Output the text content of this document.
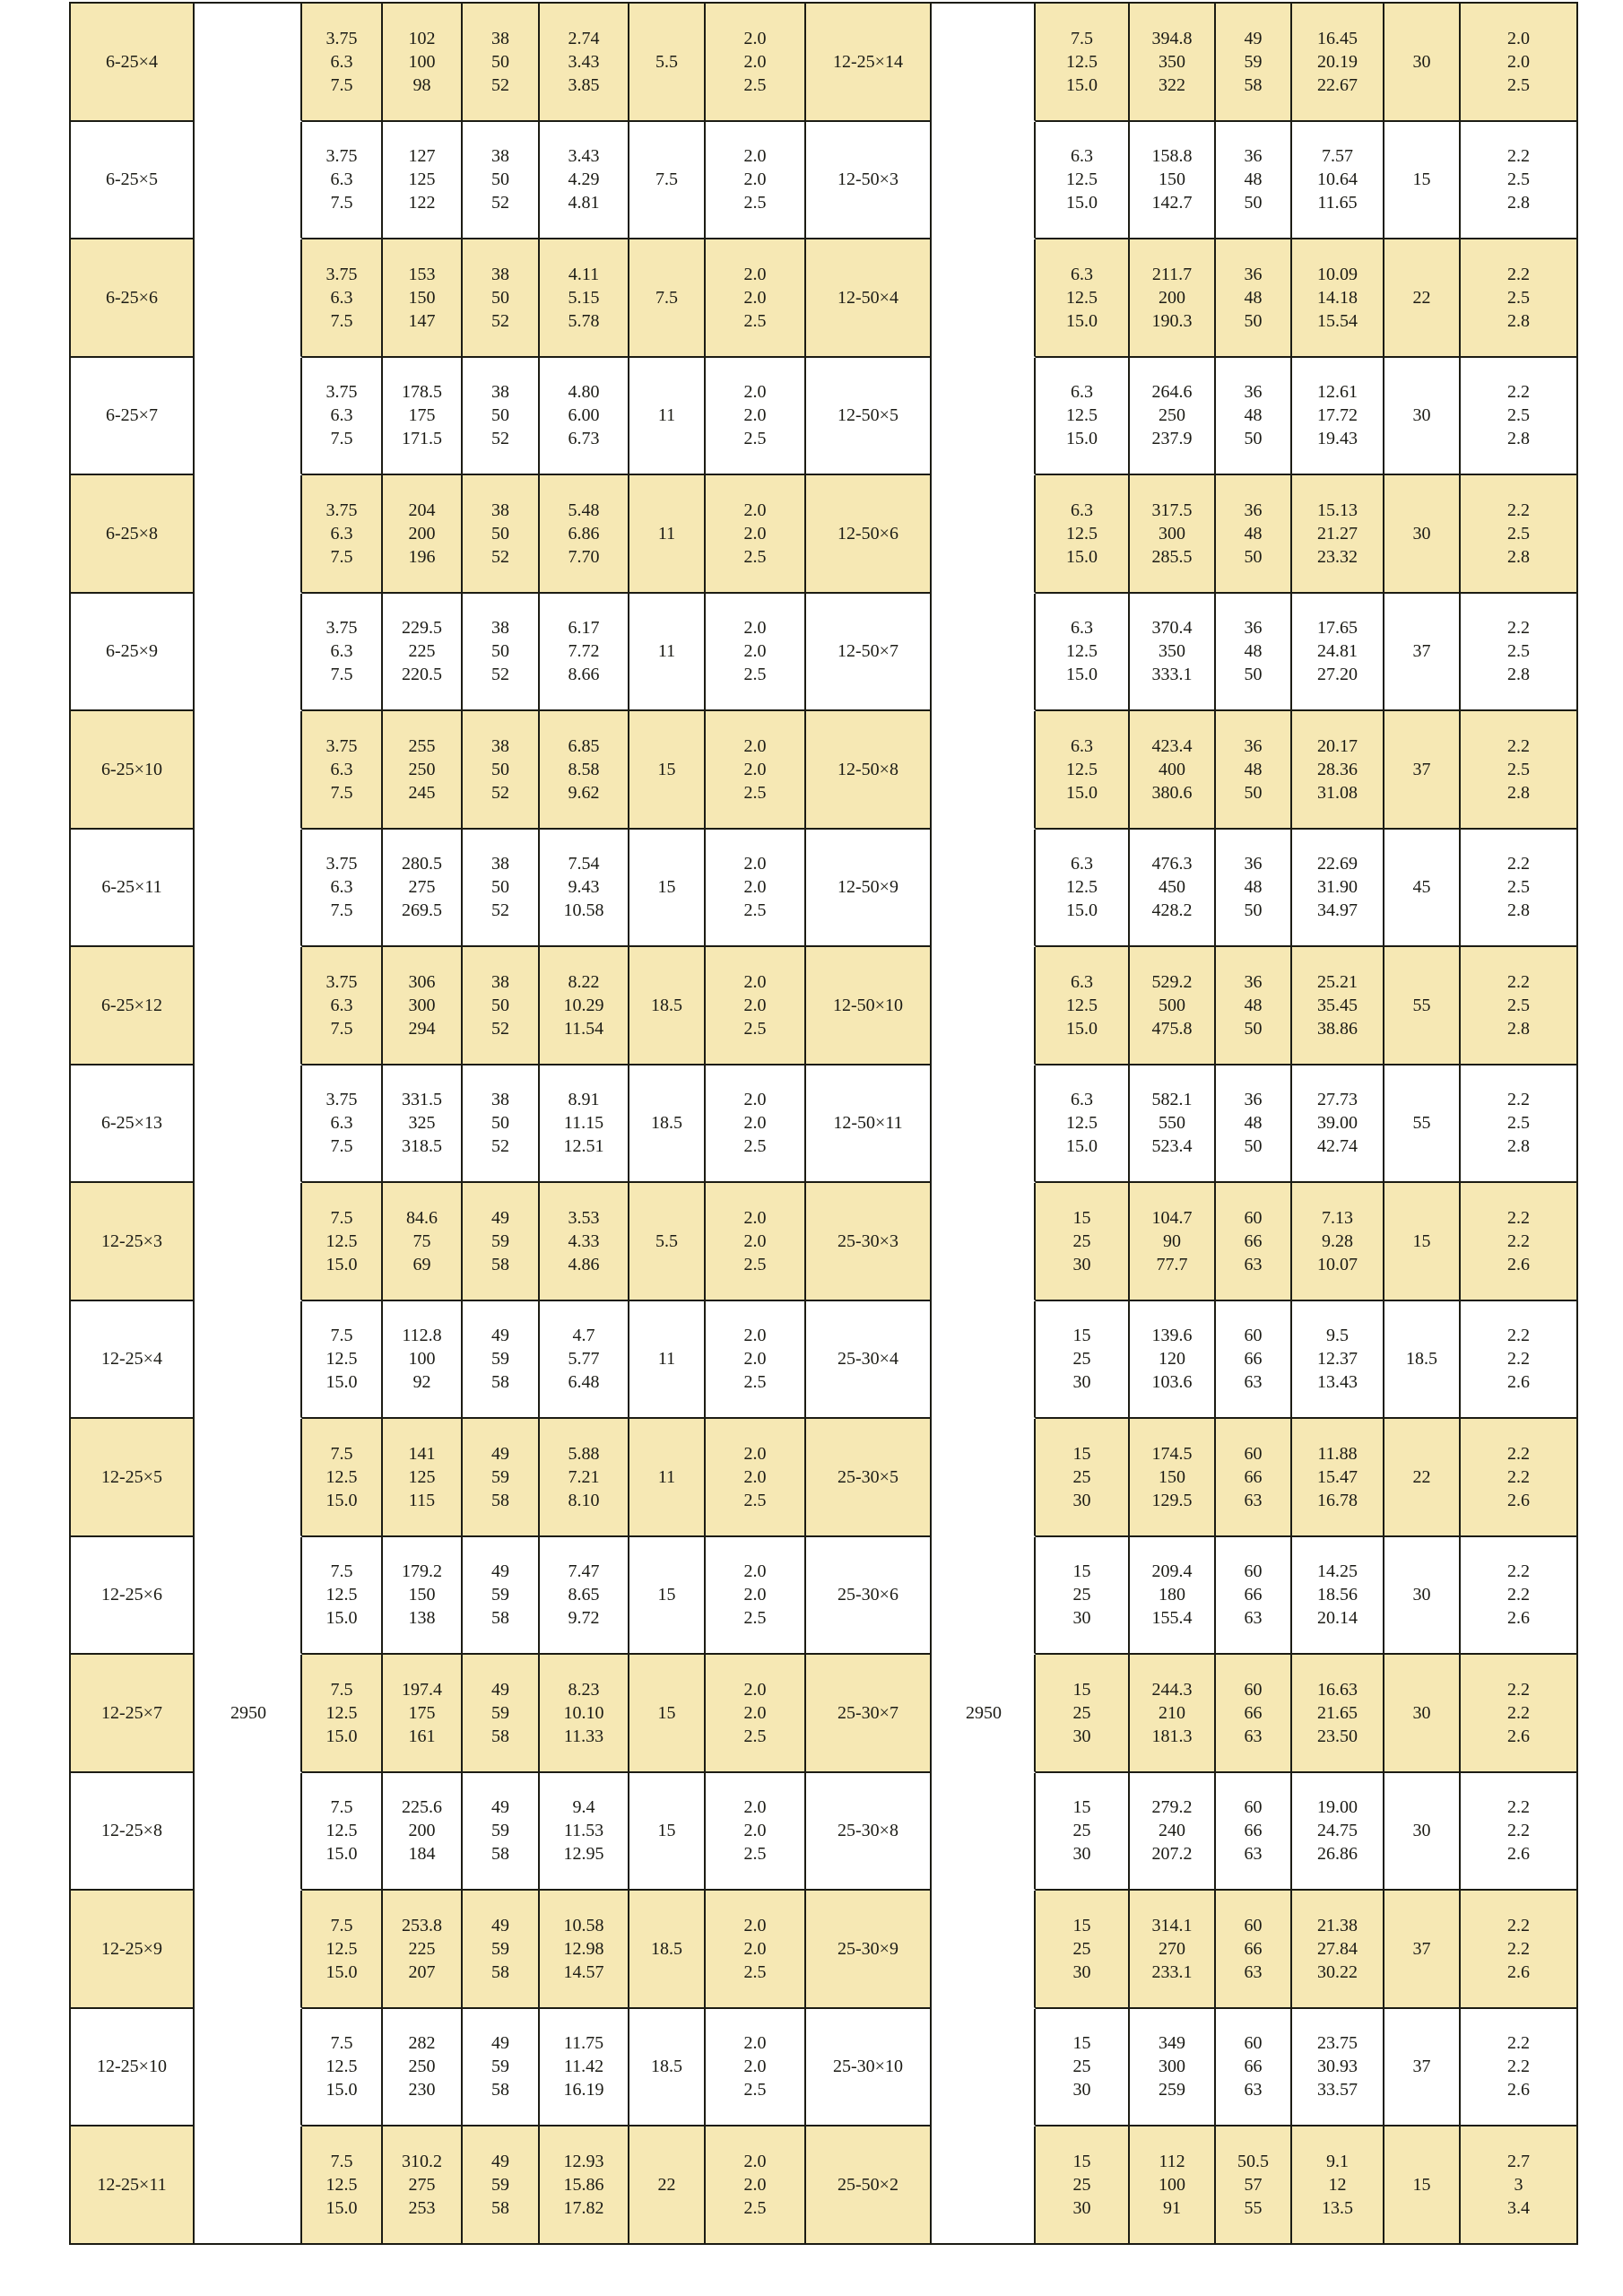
6-25×4
3.75
6.3
7.5
102
100
98
38
50
52
2.74
3.43
3.85
5.5
2.0
2.0
2.5
12-25×14
7.5
12.5
15.0
394.8
350
322
49
59
58
16.45
20.19
22.67
30
2.0
2.0
2.5
6-25×5
3.75
6.3
7.5
127
125
122
38
50
52
3.43
4.29
4.81
7.5
2.0
2.0
2.5
12-50×3
6.3
12.5
15.0
158.8
150
142.7
36
48
50
7.57
10.64
11.65
15
2.2
2.5
2.8
6-25×6
3.75
6.3
7.5
153
150
147
38
50
52
4.11
5.15
5.78
7.5
2.0
2.0
2.5
12-50×4
6.3
12.5
15.0
211.7
200
190.3
36
48
50
10.09
14.18
15.54
22
2.2
2.5
2.8
6-25×7
3.75
6.3
7.5
178.5
175
171.5
38
50
52
4.80
6.00
6.73
11
2.0
2.0
2.5
12-50×5
6.3
12.5
15.0
264.6
250
237.9
36
48
50
12.61
17.72
19.43
30
2.2
2.5
2.8
6-25×8
3.75
6.3
7.5
204
200
196
38
50
52
5.48
6.86
7.70
11
2.0
2.0
2.5
12-50×6
6.3
12.5
15.0
317.5
300
285.5
36
48
50
15.13
21.27
23.32
30
2.2
2.5
2.8
6-25×9
3.75
6.3
7.5
229.5
225
220.5
38
50
52
6.17
7.72
8.66
11
2.0
2.0
2.5
12-50×7
6.3
12.5
15.0
370.4
350
333.1
36
48
50
17.65
24.81
27.20
37
2.2
2.5
2.8
6-25×10
3.75
6.3
7.5
255
250
245
38
50
52
6.85
8.58
9.62
15
2.0
2.0
2.5
12-50×8
6.3
12.5
15.0
423.4
400
380.6
36
48
50
20.17
28.36
31.08
37
2.2
2.5
2.8
6-25×11
3.75
6.3
7.5
280.5
275
269.5
38
50
52
7.54
9.43
10.58
15
2.0
2.0
2.5
12-50×9
6.3
12.5
15.0
476.3
450
428.2
36
48
50
22.69
31.90
34.97
45
2.2
2.5
2.8
6-25×12
3.75
6.3
7.5
306
300
294
38
50
52
8.22
10.29
11.54
18.5
2.0
2.0
2.5
12-50×10
6.3
12.5
15.0
529.2
500
475.8
36
48
50
25.21
35.45
38.86
55
2.2
2.5
2.8
6-25×13
3.75
6.3
7.5
331.5
325
318.5
38
50
52
8.91
11.15
12.51
18.5
2.0
2.0
2.5
12-50×11
6.3
12.5
15.0
582.1
550
523.4
36
48
50
27.73
39.00
42.74
55
2.2
2.5
2.8
12-25×3
7.5
12.5
15.0
84.6
75
69
49
59
58
3.53
4.33
4.86
5.5
2.0
2.0
2.5
25-30×3
15
25
30
104.7
90
77.7
60
66
63
7.13
9.28
10.07
15
2.2
2.2
2.6
12-25×4
7.5
12.5
15.0
112.8
100
92
49
59
58
4.7
5.77
6.48
11
2.0
2.0
2.5
25-30×4
15
25
30
139.6
120
103.6
60
66
63
9.5
12.37
13.43
18.5
2.2
2.2
2.6
12-25×5
7.5
12.5
15.0
141
125
115
49
59
58
5.88
7.21
8.10
11
2.0
2.0
2.5
25-30×5
15
25
30
174.5
150
129.5
60
66
63
11.88
15.47
16.78
22
2.2
2.2
2.6
12-25×6
7.5
12.5
15.0
179.2
150
138
49
59
58
7.47
8.65
9.72
15
2.0
2.0
2.5
25-30×6
15
25
30
209.4
180
155.4
60
66
63
14.25
18.56
20.14
30
2.2
2.2
2.6
12-25×7
7.5
12.5
15.0
197.4
175
161
49
59
58
8.23
10.10
11.33
15
2.0
2.0
2.5
25-30×7
15
25
30
244.3
210
181.3
60
66
63
16.63
21.65
23.50
30
2.2
2.2
2.6
12-25×8
7.5
12.5
15.0
225.6
200
184
49
59
58
9.4
11.53
12.95
15
2.0
2.0
2.5
25-30×8
15
25
30
279.2
240
207.2
60
66
63
19.00
24.75
26.86
30
2.2
2.2
2.6
12-25×9
7.5
12.5
15.0
253.8
225
207
49
59
58
10.58
12.98
14.57
18.5
2.0
2.0
2.5
25-30×9
15
25
30
314.1
270
233.1
60
66
63
21.38
27.84
30.22
37
2.2
2.2
2.6
12-25×10
7.5
12.5
15.0
282
250
230
49
59
58
11.75
11.42
16.19
18.5
2.0
2.0
2.5
25-30×10
15
25
30
349
300
259
60
66
63
23.75
30.93
33.57
37
2.2
2.2
2.6
12-25×11
7.5
12.5
15.0
310.2
275
253
49
59
58
12.93
15.86
17.82
22
2.0
2.0
2.5
25-50×2
15
25
30
112
100
91
50.5
57
55
9.1
12
13.5
15
2.7
3
3.4
2950	2950
